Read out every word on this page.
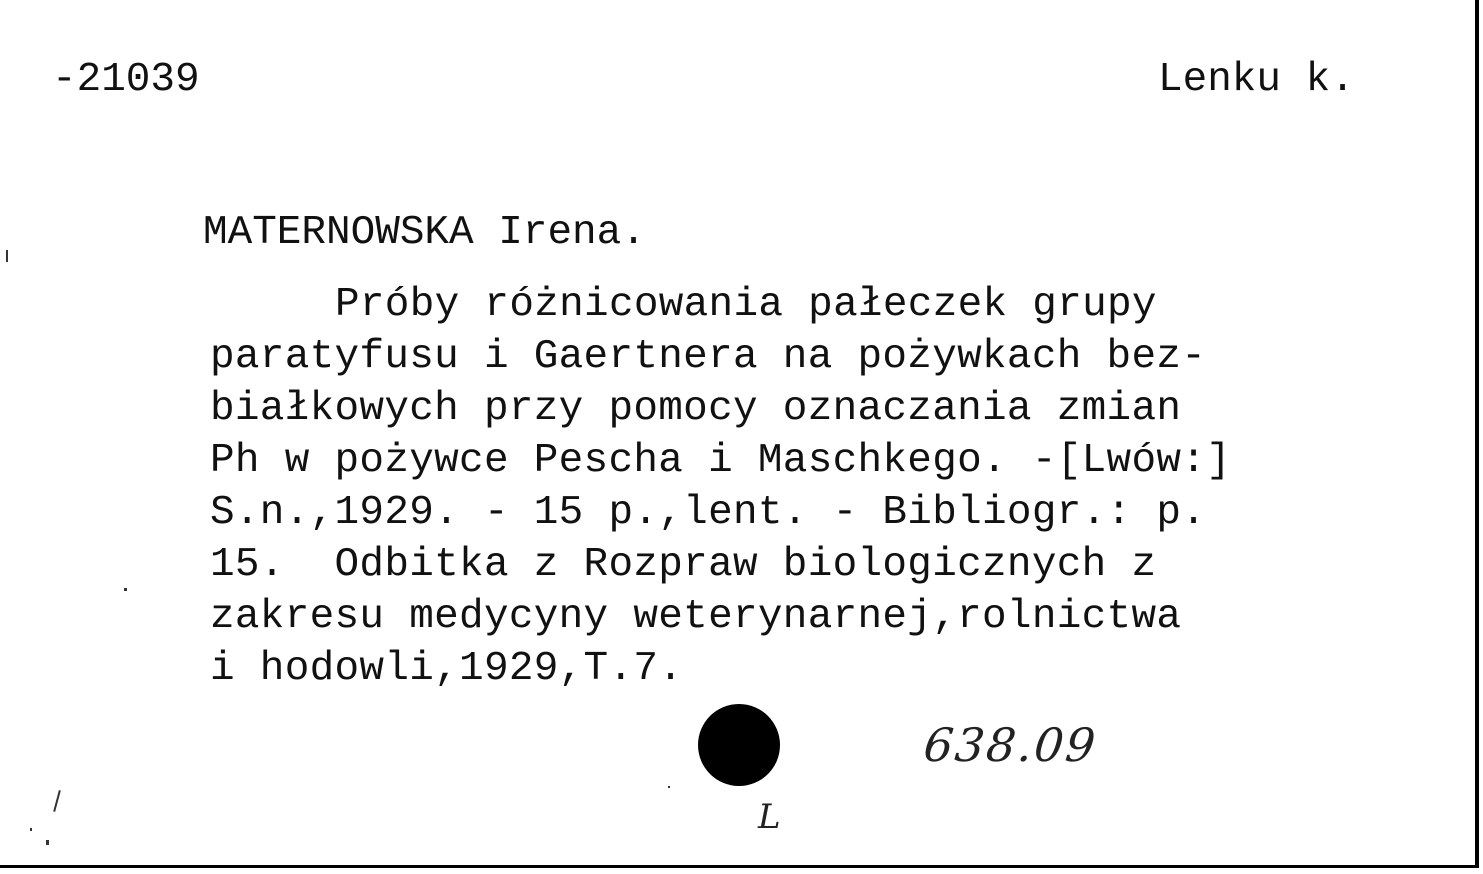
-21039	Lenku k.
MATERNOWSKA Irena.
Próby różnicowania pałeczek grupy
paratyfusu i Gaertnera na pożywkach bez-
białkowych przy pomocy oznaczania zmian
Ph w pożywce Pescha i Maschkego. -[Lwów:]
S.n.,1929. - 15 p.,lent. - Bibliogr.: p.
15.  Odbitka z Rozpraw biologicznych z
zakresu medycyny weterynarnej,rolnictwa
i hodowli,1929,T.7.
638.09
L
